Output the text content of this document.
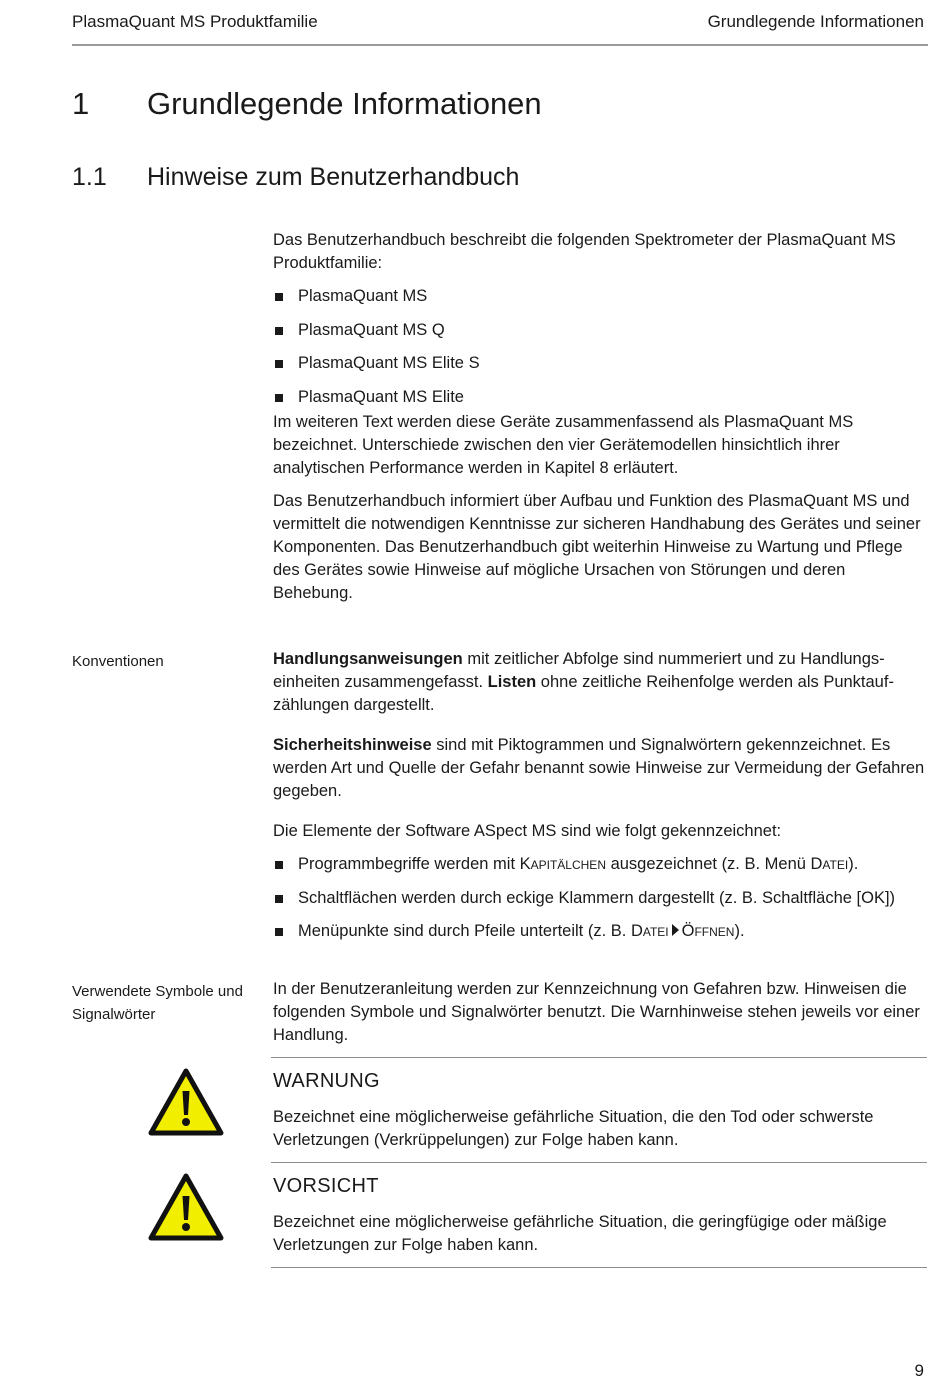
PlasmaQuant MS Produktfamilie	Grundlegende Informationen
1 Grundlegende Informationen
1.1 Hinweise zum Benutzerhandbuch

Das Benutzerhandbuch beschreibt die folgenden Spektrometer der PlasmaQuant MS Produktfamilie:

PlasmaQuant MS
PlasmaQuant MS Q
PlasmaQuant MS Elite S
PlasmaQuant MS Elite

Im weiteren Text werden diese Geräte zusammenfassend als PlasmaQuant MS bezeichnet. Unterschiede zwischen den vier Gerätemodellen hinsichtlich ihrer analytischen Performance werden in Kapitel 8 erläutert.

Das Benutzerhandbuch informiert über Aufbau und Funktion des PlasmaQuant MS und vermittelt die notwendigen Kenntnisse zur sicheren Handhabung des Gerätes und seiner Komponenten. Das Benutzerhandbuch gibt weiterhin Hinweise zu Wartung und Pflege des Gerätes sowie Hinweise auf mögliche Ursachen von Störungen und deren Behebung.

Konventionen	Handlungsanweisungen mit zeitlicher Abfolge sind nummeriert und zu Handlungs-einheiten zusammengefasst. Listen ohne zeitliche Reihenfolge werden als Punktauf-zählungen dargestellt.

Sicherheitshinweise sind mit Piktogrammen und Signalwörtern gekennzeichnet. Es werden Art und Quelle der Gefahr benannt sowie Hinweise zur Vermeidung der Gefahren gegeben.

Die Elemente der Software ASpect MS sind wie folgt gekennzeichnet:

Programmbegriffe werden mit Kapitälchen ausgezeichnet (z. B. Menü Datei).
Schaltflächen werden durch eckige Klammern dargestellt (z. B. Schaltfläche [OK])
Menüpunkte sind durch Pfeile unterteilt (z. B. Datei Öffnen).
Verwendete Symbole und Signalwörter
In der Benutzeranleitung werden zur Kennzeichnung von Gefahren bzw. Hinweisen die folgenden Symbole und Signalwörter benutzt. Die Warnhinweise stehen jeweils vor einer Handlung.
WARNUNG
Bezeichnet eine möglicherweise gefährliche Situation, die den Tod oder schwerste Verletzungen (Verkrüppelungen) zur Folge haben kann.
VORSICHT
Bezeichnet eine möglicherweise gefährliche Situation, die geringfügige oder mäßige Verletzungen zur Folge haben kann.
9
